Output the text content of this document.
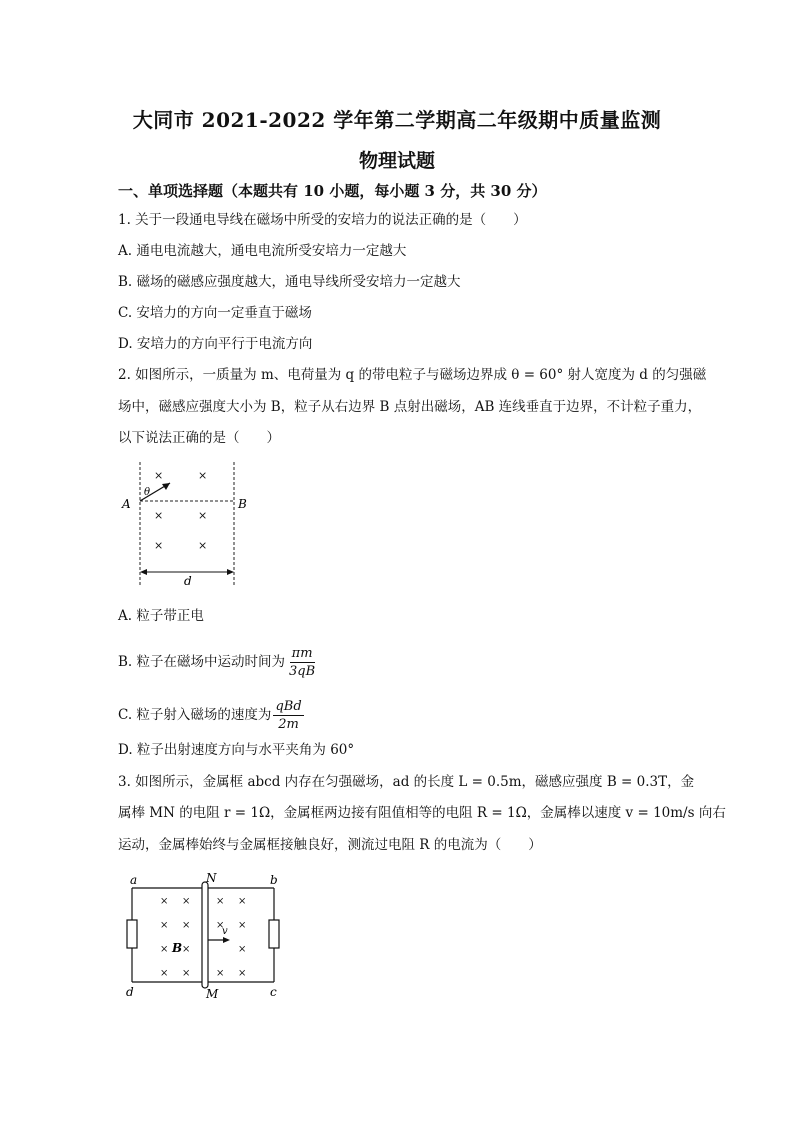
大同市 2021-2022 学年第二学期高二年级期中质量监测
物理试题
一、单项选择题（本题共有 10 小题，每小题 3 分，共 30 分）
1. 关于一段通电导线在磁场中所受的安培力的说法正确的是（　　）
A. 通电电流越大，通电电流所受安培力一定越大
B. 磁场的磁感应强度越大，通电导线所受安培力一定越大
C. 安培力的方向一定垂直于磁场
D. 安培力的方向平行于电流方向
2. 如图所示，一质量为 m、电荷量为 q 的带电粒子与磁场边界成 θ = 60° 射人宽度为 d 的匀强磁
场中，磁感应强度大小为 B，粒子从右边界 B 点射出磁场，AB 连线垂直于边界，不计粒子重力，
以下说法正确的是（　　）
×	×
×	×
×	×
θ
A	B
d
A. 粒子带正电
B. 粒子在磁场中运动时间为 $\frac{\pi m}{3qB}$
C. 粒子射入磁场的速度为 $\frac{\text{qBd}}{2m}$
D. 粒子出射速度方向与水平夹角为 60°
3. 如图所示，金属框 abcd 内存在匀强磁场，ad 的长度 L = 0.5m，磁感应强度 B = 0.3T，金
属棒 MN 的电阻 r = 1Ω，金属框两边接有阻值相等的电阻 R = 1Ω，金属棒以速度 v = 10m/s 向右
运动，金属棒始终与金属框接触良好，测流过电阻 R 的电流为（　　）
× ×	× ×
× ×	× ×
× ×	×
× ×	× ×
B
v
a	b
d	c
N
M
